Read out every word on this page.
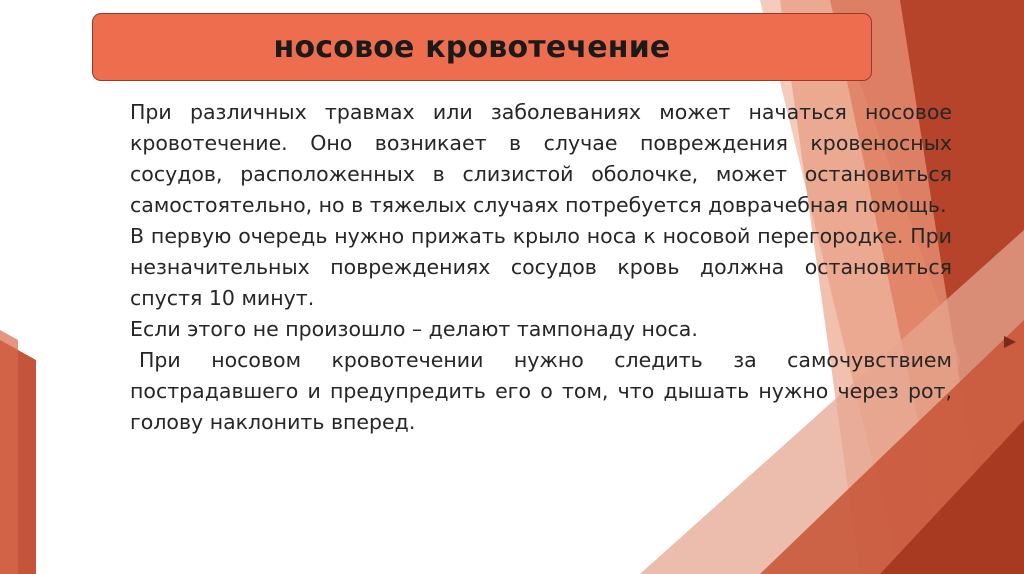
носовое кровотечение

При различных травмах или заболеваниях может начаться носовое кровотечение. Оно возникает в случае повреждения кровеносных сосудов, расположенных в слизистой оболочке, может остановиться самостоятельно, но в тяжелых случаях потребуется доврачебная помощь.

В первую очередь нужно прижать крыло носа к носовой перегородке. При незначительных повреждениях сосудов кровь должна остановиться спустя 10 минут.

Если этого не произошло – делают тампонаду носа.

При носовом кровотечении нужно следить за самочувствием пострадавшего и предупредить его о том, что дышать нужно через рот, голову наклонить вперед.
